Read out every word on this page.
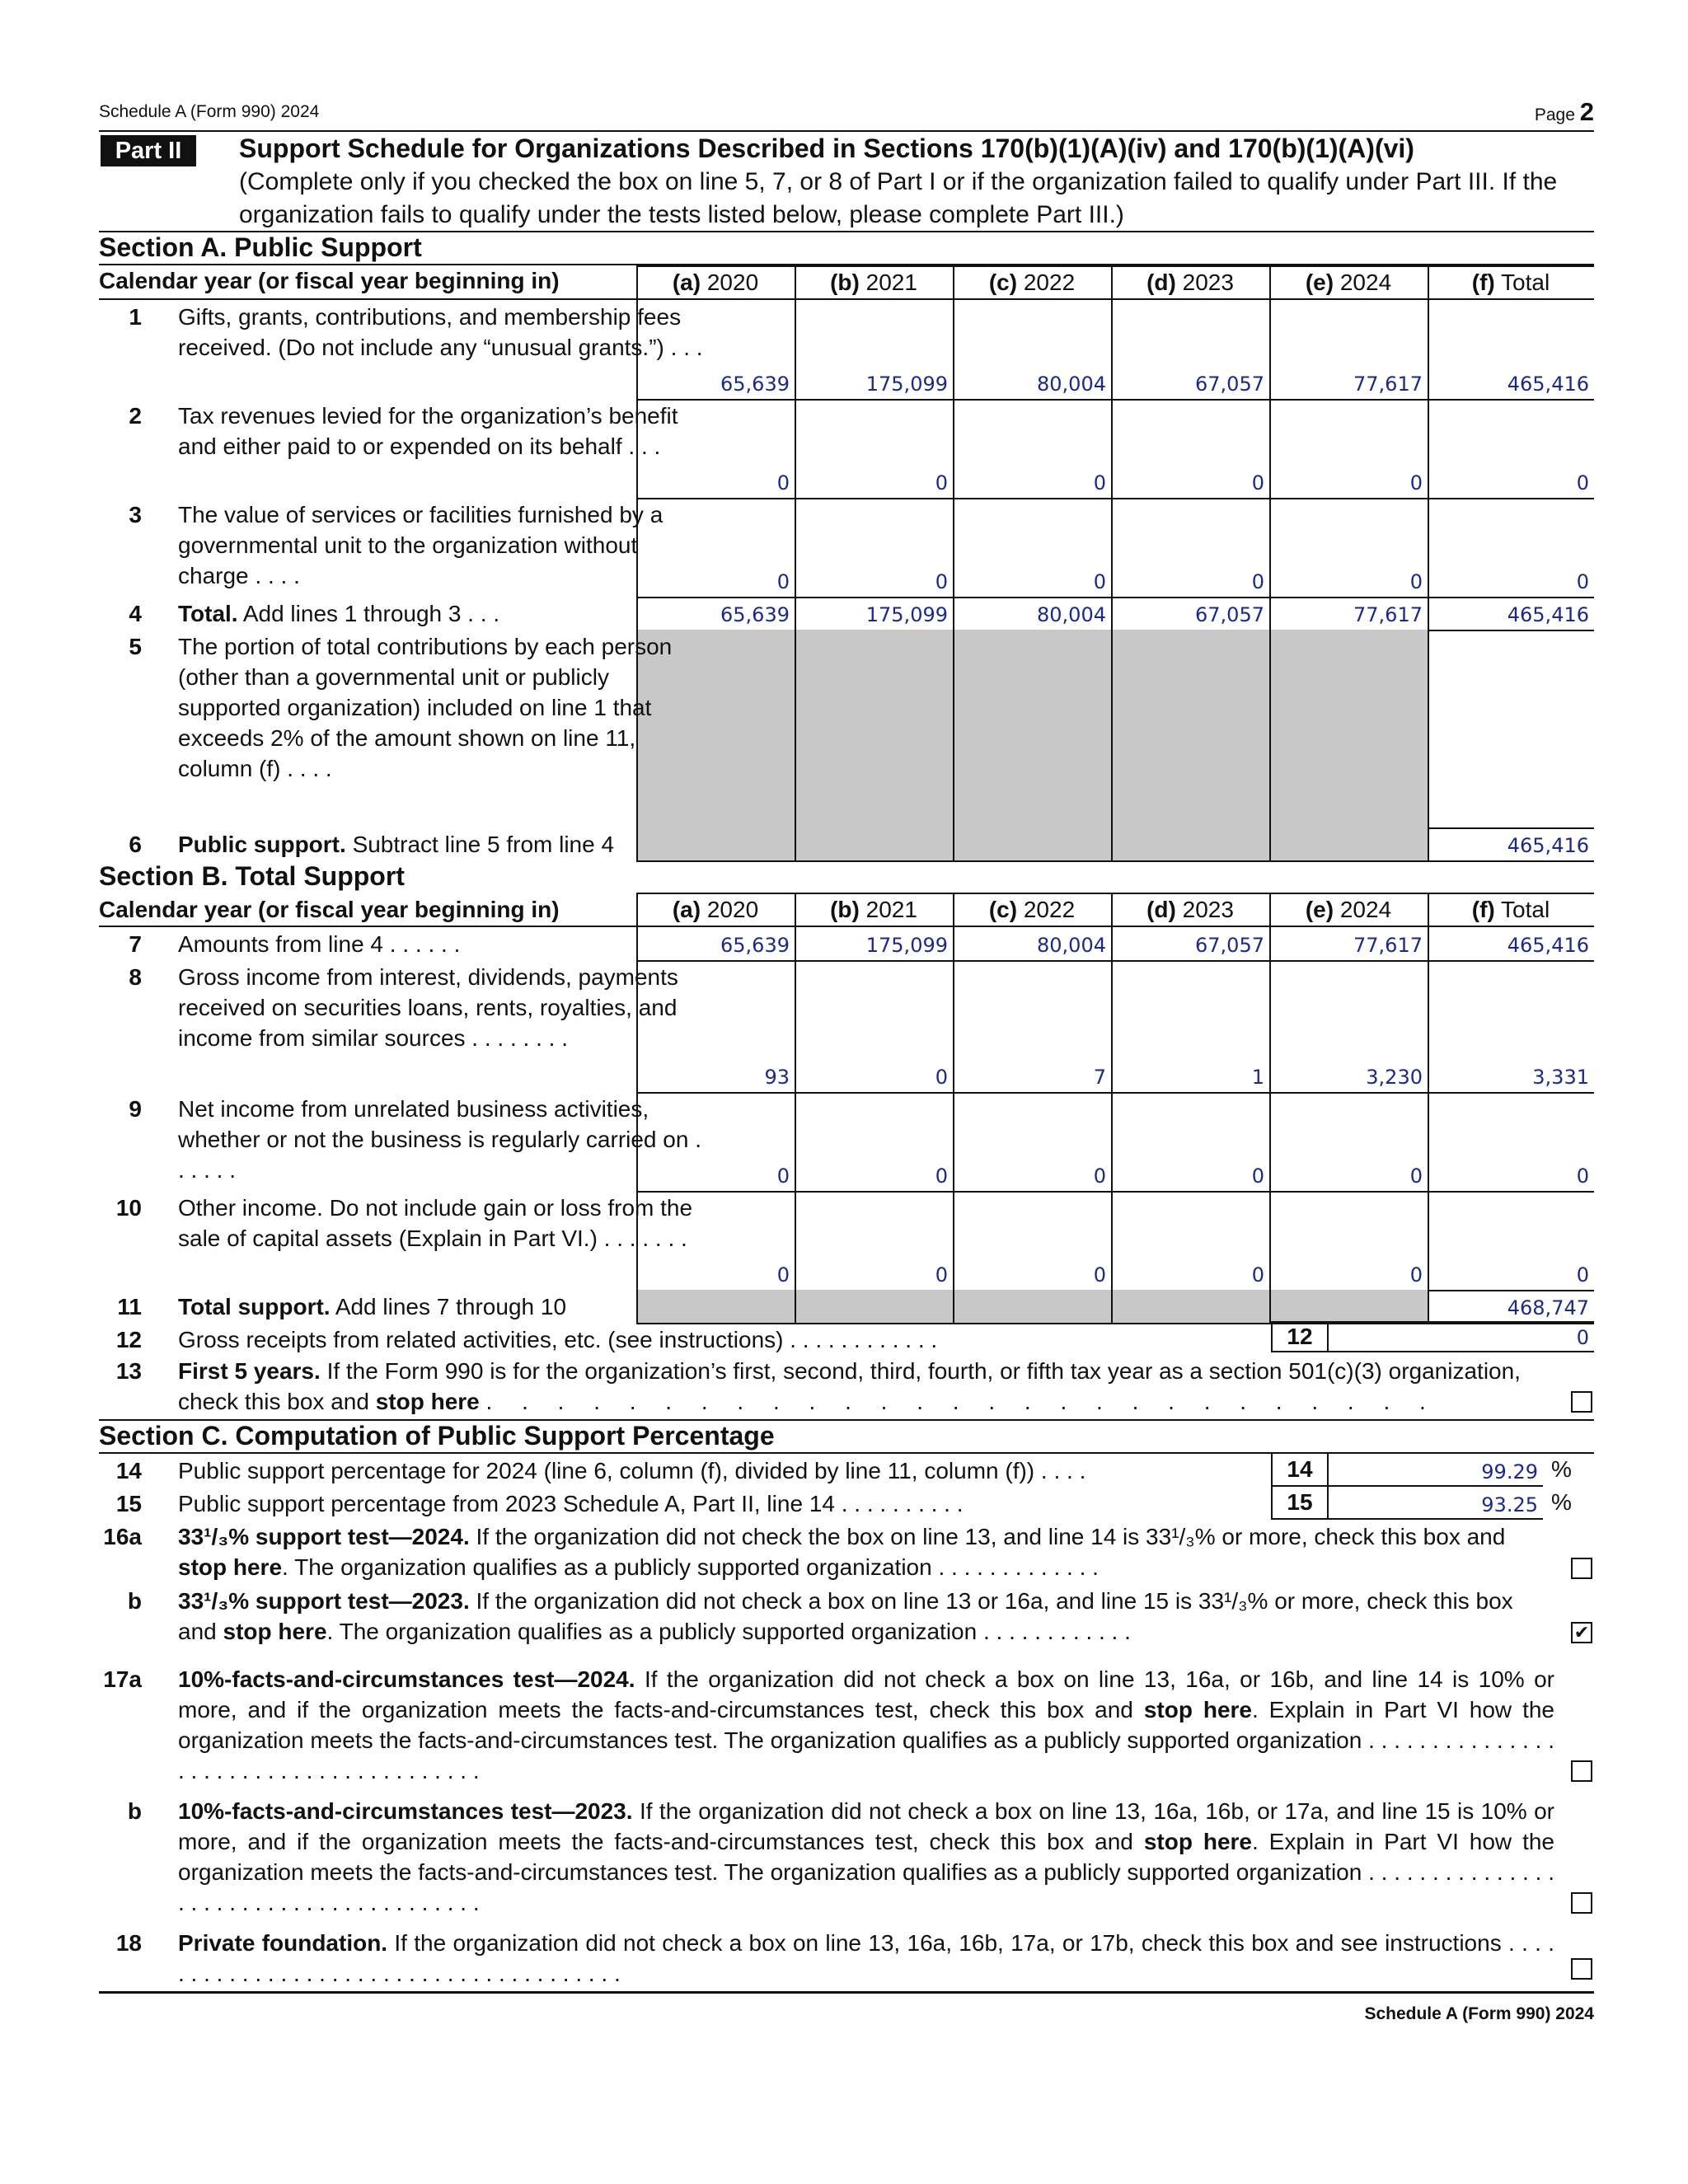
Schedule A (Form 990) 2024	Page 2
Part II	Support Schedule for Organizations Described in Sections 170(b)(1)(A)(iv) and 170(b)(1)(A)(vi)
(Complete only if you checked the box on line 5, 7, or 8 of Part I or if the organization failed to qualify under Part III. If the organization fails to qualify under the tests listed below, please complete Part III.)
Section A. Public Support
Calendar year (or fiscal year beginning in)	(a) 2020	(b) 2021	(c) 2022	(d) 2023	(e) 2024	(f) Total
1 Gifts, grants, contributions, and membership fees received. (Do not include any “unusual grants.”) . . .
65,639	175,099	80,004	67,057	77,617	465,416
2 Tax revenues levied for the organization’s benefit and either paid to or expended on its behalf . . .
0	0	0	0	0	0
3 The value of services or facilities furnished by a governmental unit to the organization without charge . . . .	0	0	0	0	0	0
4 Total. Add lines 1 through 3 . . .	65,639	175,099	80,004	67,057	77,617	465,416
5 The portion of total contributions by each person (other than a governmental unit or publicly supported organization) included on line 1 that exceeds 2% of the amount shown on line 11, column (f) . . . .
6 Public support. Subtract line 5 from line 4	465,416
Section B. Total Support
Calendar year (or fiscal year beginning in)	(a) 2020	(b) 2021	(c) 2022	(d) 2023	(e) 2024	(f) Total
7 Amounts from line 4 . . . . . .	65,639	175,099	80,004	67,057	77,617	465,416
8 Gross income from interest, dividends, payments received on securities loans, rents, royalties, and income from similar sources . . . . . . . .
93	0	7	1	3,230	3,331
9 Net income from unrelated business activities, whether or not the business is regularly carried on . . . . . .	0	0	0	0	0	0
10 Other income. Do not include gain or loss from the sale of capital assets (Explain in Part VI.) . . . . . . .
0	0	0	0	0	0
11 Total support. Add lines 7 through 10	468,747
12 Gross receipts from related activities, etc. (see instructions) . . . . . . . . . . . .	12	0
13 First 5 years. If the Form 990 is for the organization’s first, second, third, fourth, or fifth tax year as a section 501(c)(3) organization, check this box and stop here . . . . . . . . . . . . . . . . . . . . . . . . . . .
Section C. Computation of Public Support Percentage
14 Public support percentage for 2024 (line 6, column (f), divided by line 11, column (f)) . . . .	14	99.29 %
15 Public support percentage from 2023 Schedule A, Part II, line 14 . . . . . . . . . .	15	93.25 %
16a 33¹/₃% support test—2024. If the organization did not check the box on line 13, and line 14 is 33¹/₃% or more, check this box and stop here. The organization qualifies as a publicly supported organization . . . . . . . . . . . . .
b 33¹/₃% support test—2023. If the organization did not check a box on line 13 or 16a, and line 15 is 33¹/₃% or more, check this box and stop here. The organization qualifies as a publicly supported organization . . . . . . . . . . . .	✔
17a 10%-facts-and-circumstances test—2024. If the organization did not check a box on line 13, 16a, or 16b, and line 14 is 10% or more, and if the organization meets the facts-and-circumstances test, check this box and stop here. Explain in Part VI how the organization meets the facts-and-circumstances test. The organization qualifies as a publicly supported organization . . . . . . . . . . . . . . . . . . . . . . . . . . . . . . . . . . . . . . .
b 10%-facts-and-circumstances test—2023. If the organization did not check a box on line 13, 16a, 16b, or 17a, and line 15 is 10% or more, and if the organization meets the facts-and-circumstances test, check this box and stop here. Explain in Part VI how the organization meets the facts-and-circumstances test. The organization qualifies as a publicly supported organization . . . . . . . . . . . . . . . . . . . . . . . . . . . . . . . . . . . . . . .
18 Private foundation. If the organization did not check a box on line 13, 16a, 16b, 17a, or 17b, check this box and see instructions . . . . . . . . . . . . . . . . . . . . . . . . . . . . . . . . . . . . . . .
Schedule A (Form 990) 2024
